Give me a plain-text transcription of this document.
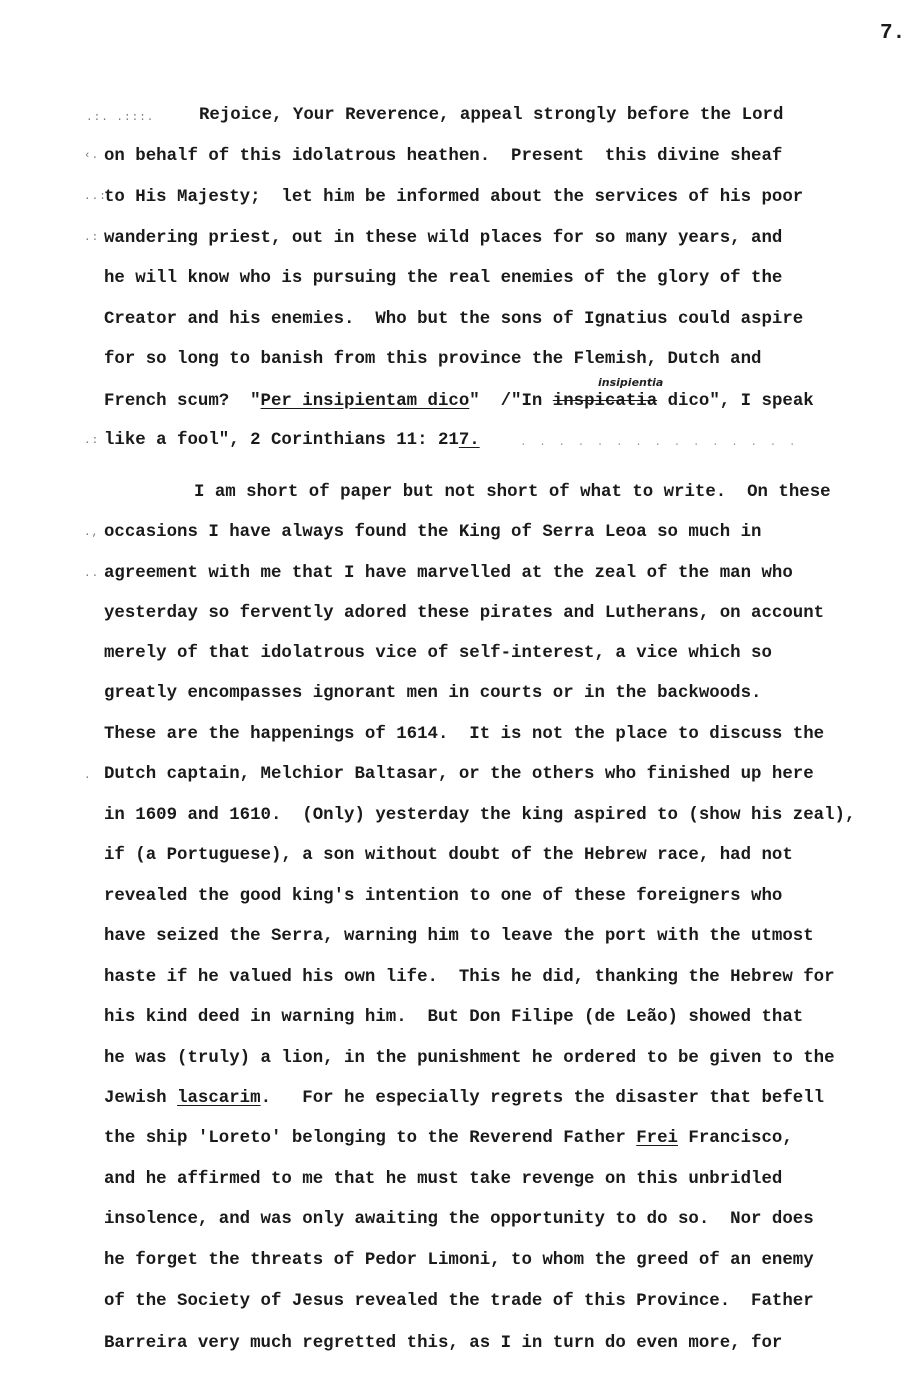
7.
.:. .:::.
‹.
..:
.:
.:
.,
..
.
. . . . . . . . . . . . . . .
Rejoice, Your Reverence, appeal strongly before the Lord
on behalf of this idolatrous heathen.  Present  this divine sheaf
to His Majesty;  let him be informed about the services of his poor
wandering priest, out in these wild places for so many years, and
he will know who is pursuing the real enemies of the glory of the
Creator and his enemies.  Who but the sons of Ignatius could aspire
for so long to banish from this province the Flemish, Dutch and
French scum?  "Per insipientam dico"  /"In inspicatia dico", I speak
insipientia
like a fool", 2 Corinthians 11: 217.
I am short of paper but not short of what to write.  On these
occasions I have always found the King of Serra Leoa so much in
agreement with me that I have marvelled at the zeal of the man who
yesterday so fervently adored these pirates and Lutherans, on account
merely of that idolatrous vice of self-interest, a vice which so
greatly encompasses ignorant men in courts or in the backwoods.
These are the happenings of 1614.  It is not the place to discuss the
Dutch captain, Melchior Baltasar, or the others who finished up here
in 1609 and 1610.  (Only) yesterday the king aspired to (show his zeal),
if (a Portuguese), a son without doubt of the Hebrew race, had not
revealed the good king's intention to one of these foreigners who
have seized the Serra, warning him to leave the port with the utmost
haste if he valued his own life.  This he did, thanking the Hebrew for
his kind deed in warning him.  But Don Filipe (de Leão) showed that
he was (truly) a lion, in the punishment he ordered to be given to the
Jewish lascarim.   For he especially regrets the disaster that befell
the ship 'Loreto' belonging to the Reverend Father Frei Francisco,
and he affirmed to me that he must take revenge on this unbridled
insolence, and was only awaiting the opportunity to do so.  Nor does
he forget the threats of Pedor Limoni, to whom the greed of an enemy
of the Society of Jesus revealed the trade of this Province.  Father
Barreira very much regretted this, as I in turn do even more, for
